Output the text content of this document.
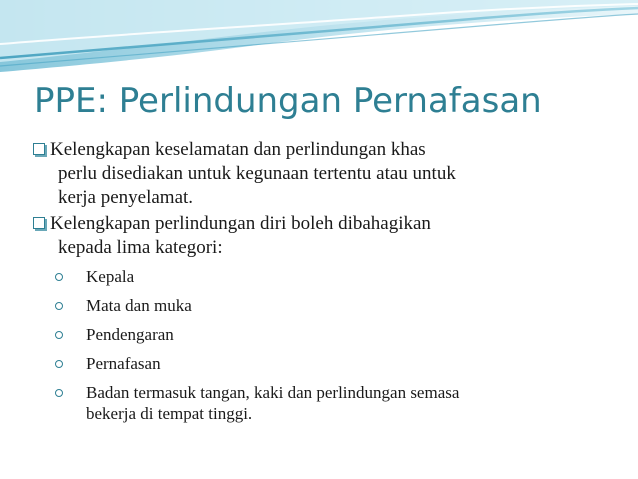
PPE: Perlindungan Pernafasan
Kelengkapan keselamatan dan perlindungan khas
perlu disediakan untuk kegunaan tertentu atau untuk
kerja penyelamat.
Kelengkapan perlindungan diri boleh dibahagikan
kepada lima kategori:
Kepala
Mata dan muka
Pendengaran
Pernafasan
Badan termasuk tangan, kaki dan perlindungan semasa
bekerja di tempat tinggi.
